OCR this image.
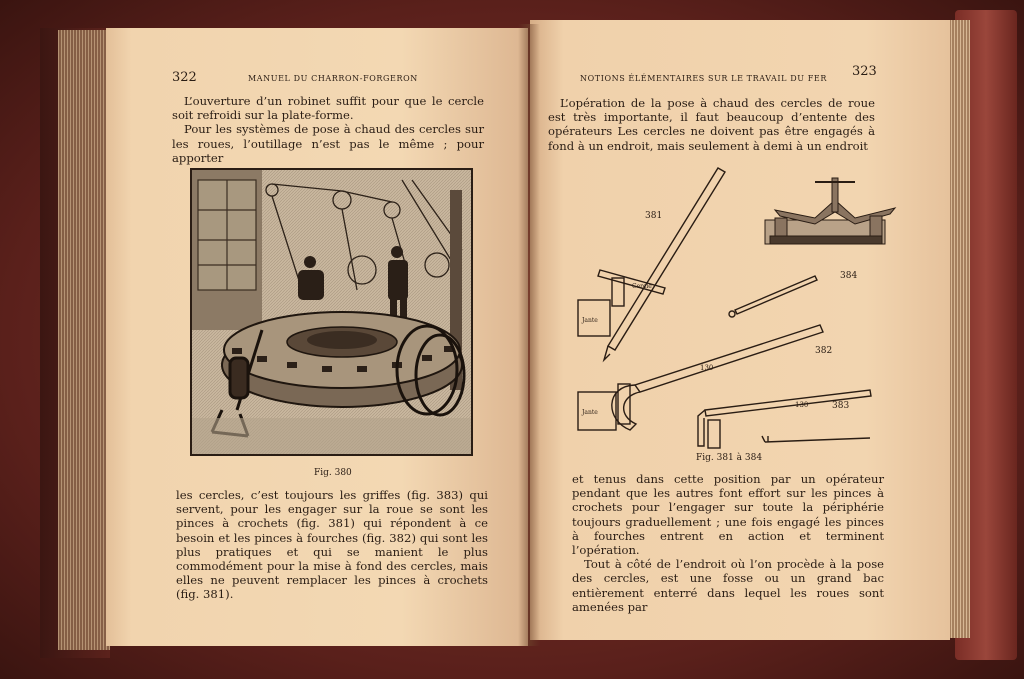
322	MANUEL DU CHARRON-FORGERON

L’ouverture d’un robinet suffit pour que le cercle soit refroidi sur la plate-forme.

Pour les systèmes de pose à chaud des cercles sur les roues, l’outillage n’est pas le même ; pour apporter

Fig. 380

les cercles, c’est toujours les griffes (fig. 383) qui servent, pour les engager sur la roue se sont les pinces à crochets (fig. 381) qui répondent à ce besoin et les pinces à fourches (fig. 382) qui sont les plus pratiques et qui se manient le plus commodément pour la mise à fond des cercles, mais elles ne peuvent remplacer les pinces à crochets (fig. 381).

NOTIONS ÉLÉMENTAIRES SUR LE TRAVAIL DU FER 323

L’opération de la pose à chaud des cercles de roue est très importante, il faut beaucoup d’entente des opérateurs Les cercles ne doivent pas être engagés à fond à un endroit, mais seulement à demi à un endroit

381
384
382
383
130
130
Jante
Jante
Cercle
Fig. 381 à 384

et tenus dans cette position par un opérateur pendant que les autres font effort sur les pinces à crochets pour l’engager sur toute la périphérie toujours graduellement ; une fois engagé les pinces à fourches entrent en action et terminent l’opération.

Tout à côté de l’endroit où l’on procède à la pose des cercles, est une fosse ou un grand bac entièrement enterré dans lequel les roues sont amenées par
